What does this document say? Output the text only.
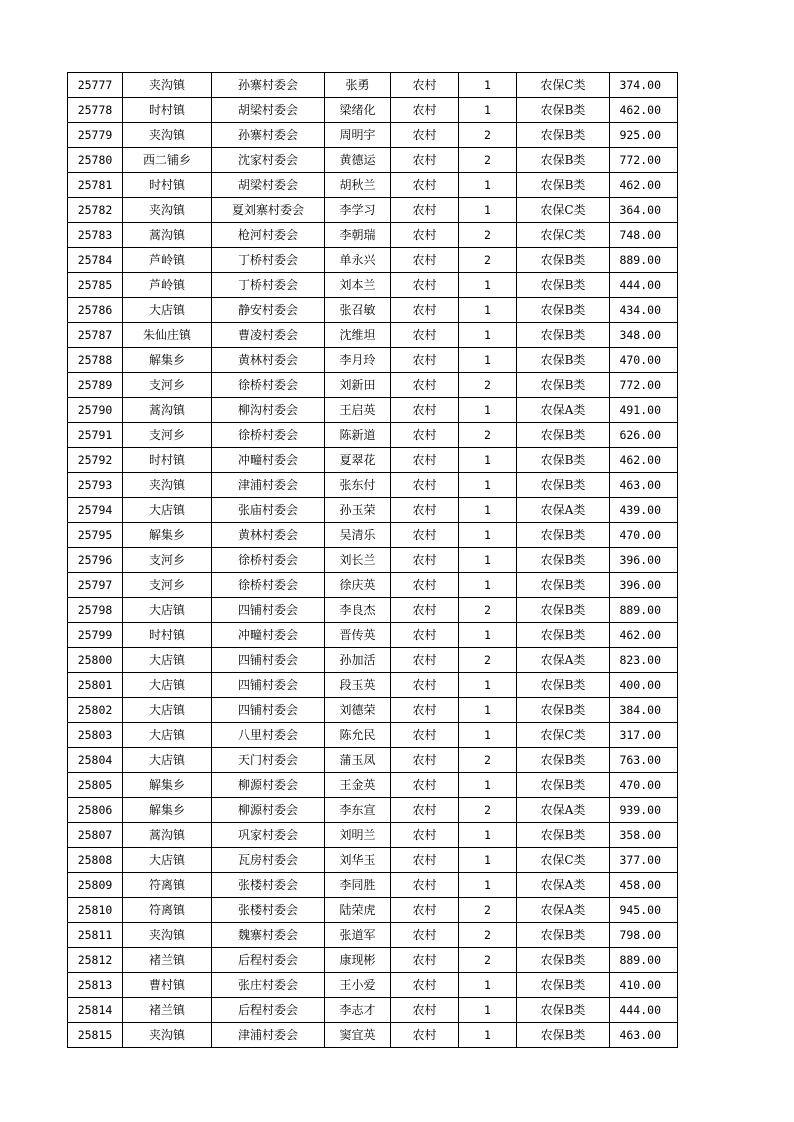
25777	夹沟镇	孙寨村委会	张勇	农村	1	农保C类	374.00
25778	时村镇	胡梁村委会	梁绪化	农村	1	农保B类	462.00
25779	夹沟镇	孙寨村委会	周明宇	农村	2	农保B类	925.00
25780	西二铺乡	沈家村委会	黄德运	农村	2	农保B类	772.00
25781	时村镇	胡梁村委会	胡秋兰	农村	1	农保B类	462.00
25782	夹沟镇	夏刘寨村委会	李学习	农村	1	农保C类	364.00
25783	蒿沟镇	枪河村委会	李朝瑞	农村	2	农保C类	748.00
25784	芦岭镇	丁桥村委会	单永兴	农村	2	农保B类	889.00
25785	芦岭镇	丁桥村委会	刘本兰	农村	1	农保B类	444.00
25786	大店镇	静安村委会	张召敏	农村	1	农保B类	434.00
25787	朱仙庄镇	曹凌村委会	沈维坦	农村	1	农保B类	348.00
25788	解集乡	黄林村委会	李月玲	农村	1	农保B类	470.00
25789	支河乡	徐桥村委会	刘新田	农村	2	农保B类	772.00
25790	蒿沟镇	柳沟村委会	王启英	农村	1	农保A类	491.00
25791	支河乡	徐桥村委会	陈新道	农村	2	农保B类	626.00
25792	时村镇	冲疃村委会	夏翠花	农村	1	农保B类	462.00
25793	夹沟镇	津浦村委会	张东付	农村	1	农保B类	463.00
25794	大店镇	张庙村委会	孙玉荣	农村	1	农保A类	439.00
25795	解集乡	黄林村委会	吴清乐	农村	1	农保B类	470.00
25796	支河乡	徐桥村委会	刘长兰	农村	1	农保B类	396.00
25797	支河乡	徐桥村委会	徐庆英	农村	1	农保B类	396.00
25798	大店镇	四铺村委会	李良杰	农村	2	农保B类	889.00
25799	时村镇	冲疃村委会	晋传英	农村	1	农保B类	462.00
25800	大店镇	四铺村委会	孙加活	农村	2	农保A类	823.00
25801	大店镇	四铺村委会	段玉英	农村	1	农保B类	400.00
25802	大店镇	四铺村委会	刘德荣	农村	1	农保B类	384.00
25803	大店镇	八里村委会	陈允民	农村	1	农保C类	317.00
25804	大店镇	天门村委会	蒲玉凤	农村	2	农保B类	763.00
25805	解集乡	柳源村委会	王金英	农村	1	农保B类	470.00
25806	解集乡	柳源村委会	李东宣	农村	2	农保A类	939.00
25807	蒿沟镇	巩家村委会	刘明兰	农村	1	农保B类	358.00
25808	大店镇	瓦房村委会	刘华玉	农村	1	农保C类	377.00
25809	符离镇	张楼村委会	李同胜	农村	1	农保A类	458.00
25810	符离镇	张楼村委会	陆荣虎	农村	2	农保A类	945.00
25811	夹沟镇	魏寨村委会	张道军	农村	2	农保B类	798.00
25812	褚兰镇	后程村委会	康现彬	农村	2	农保B类	889.00
25813	曹村镇	张庄村委会	王小爱	农村	1	农保B类	410.00
25814	褚兰镇	后程村委会	李志才	农村	1	农保B类	444.00
25815	夹沟镇	津浦村委会	窦宜英	农村	1	农保B类	463.00
